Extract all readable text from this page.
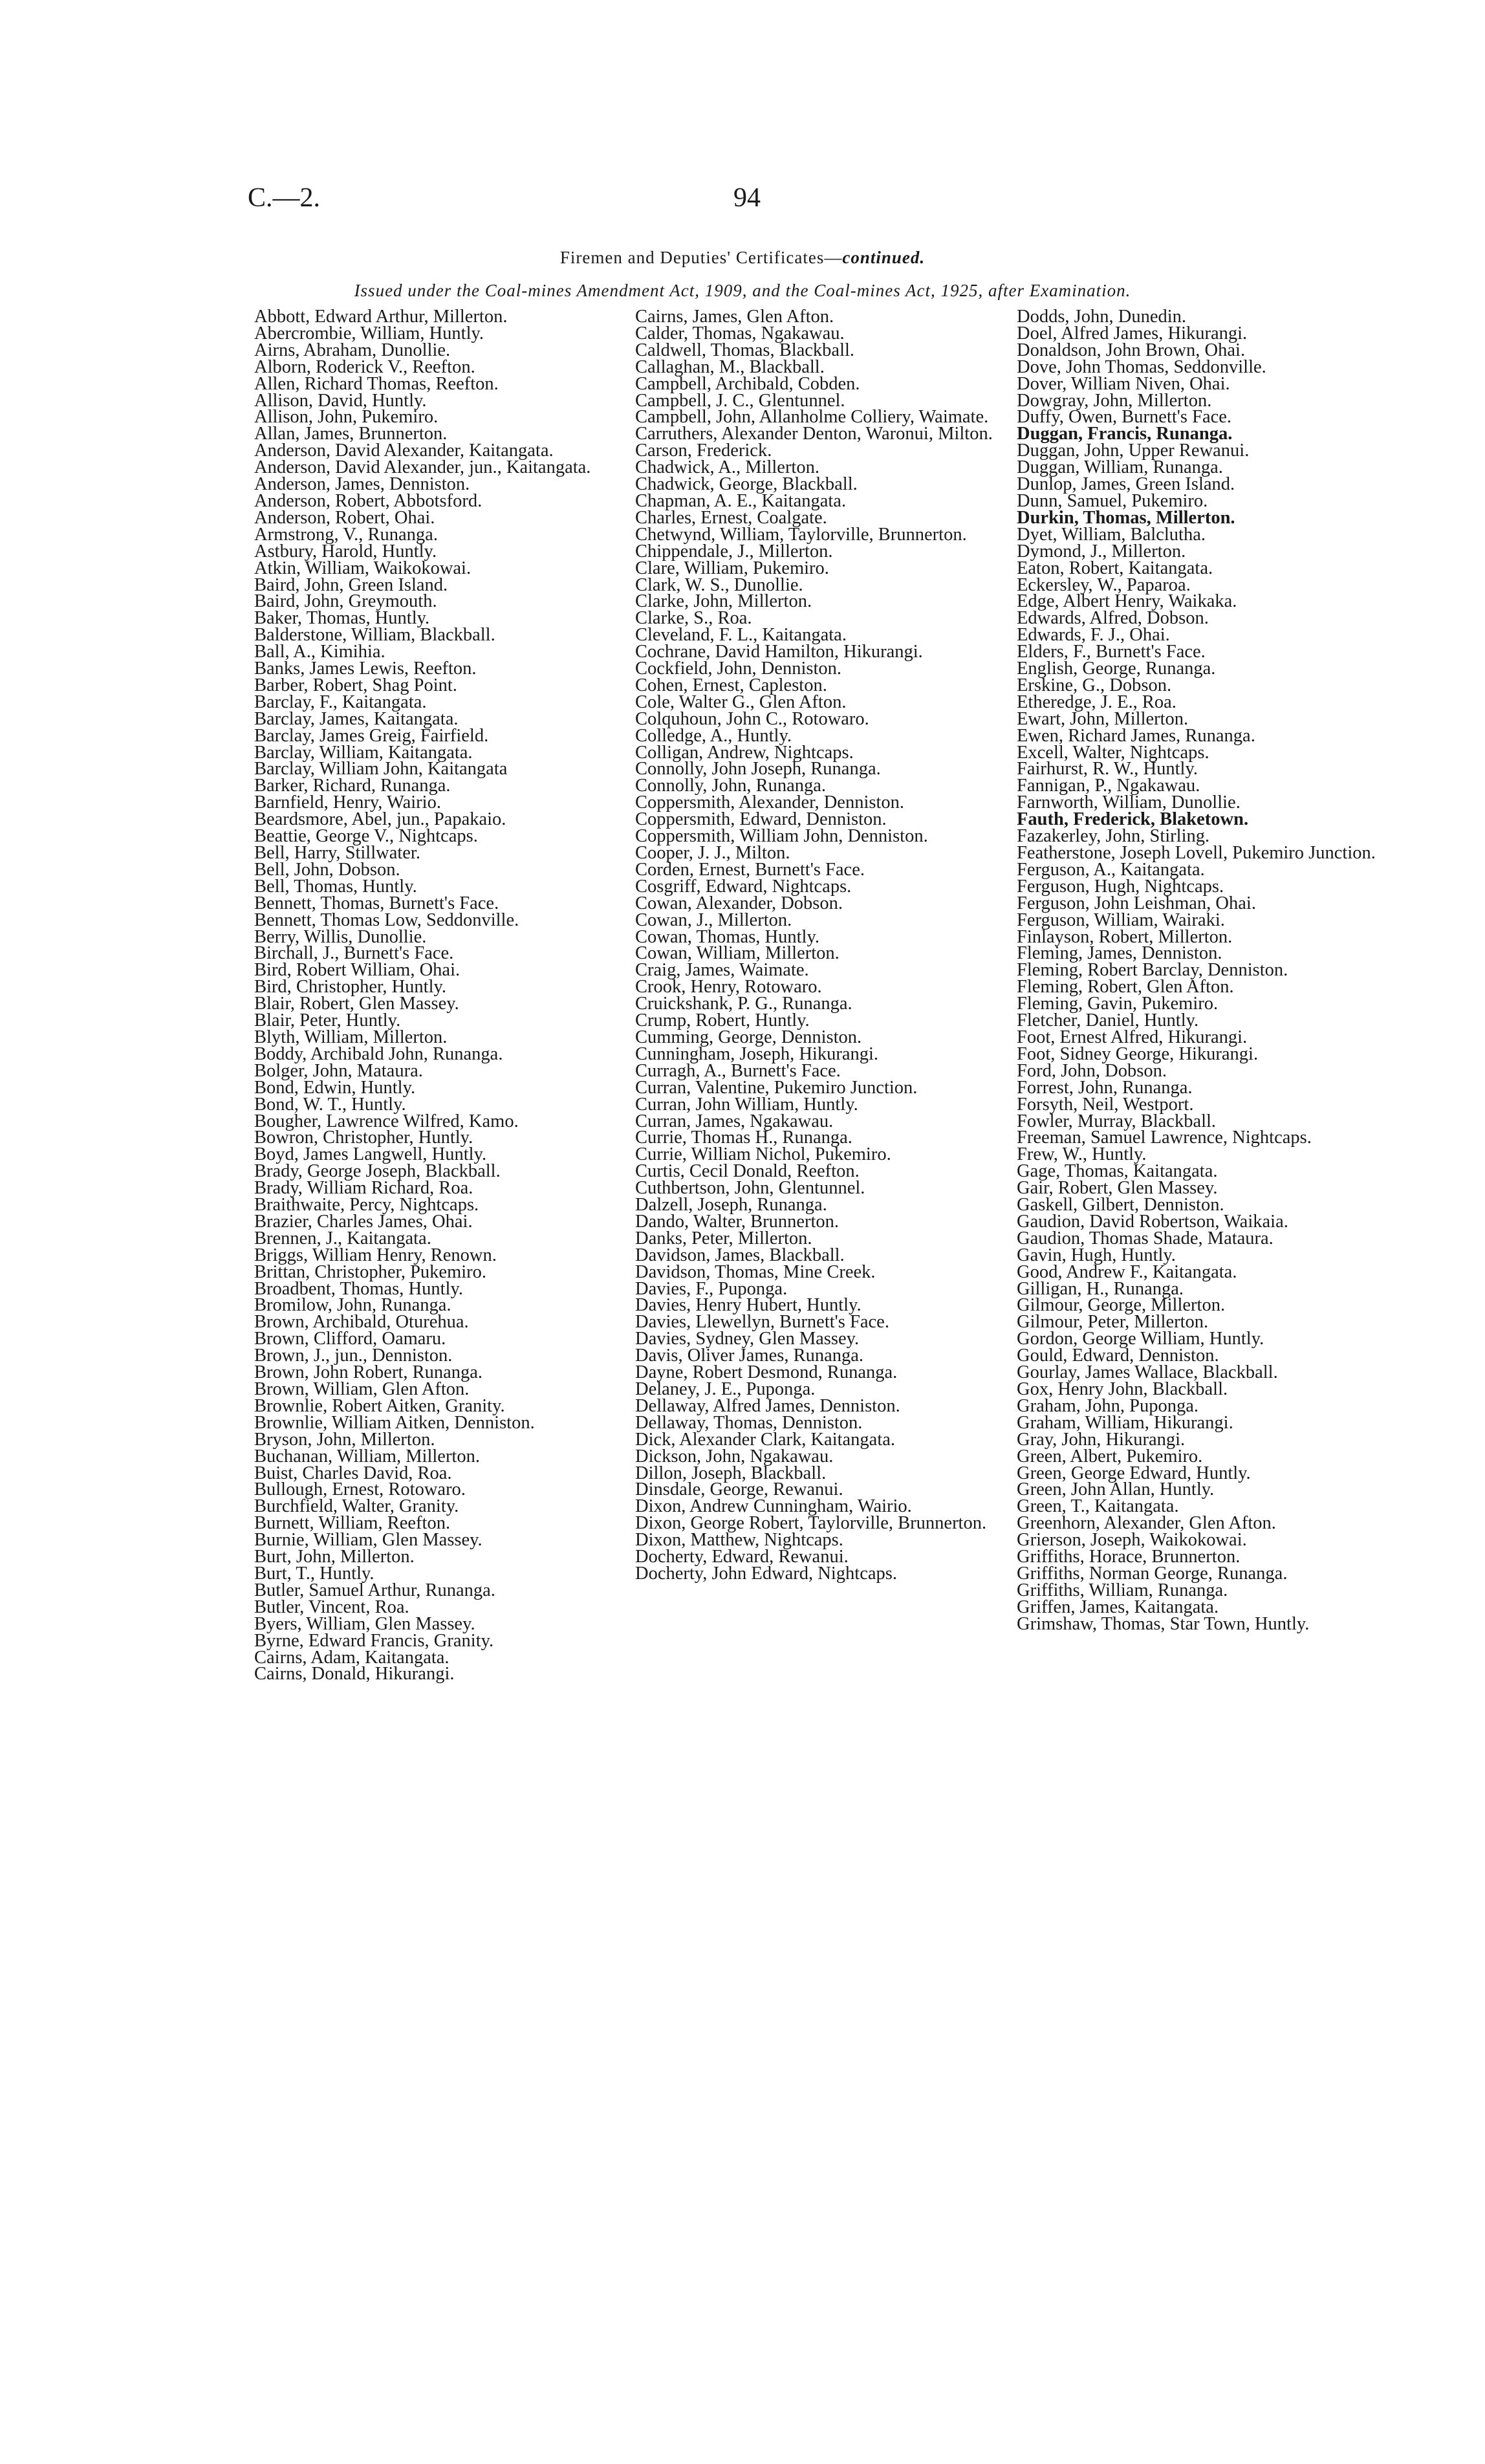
C.—2.	94
Firemen and Deputies' Certificates—continued.
Issued under the Coal-mines Amendment Act, 1909, and the Coal-mines Act, 1925, after Examination.

Abbott, Edward Arthur, Millerton.

Abercrombie, William, Huntly.

Airns, Abraham, Dunollie.

Alborn, Roderick V., Reefton.

Allen, Richard Thomas, Reefton.

Allison, David, Huntly.

Allison, John, Pukemiro.

Allan, James, Brunnerton.

Anderson, David Alexander, Kaitangata.

Anderson, David Alexander, jun., Kaitangata.

Anderson, James, Denniston.

Anderson, Robert, Abbotsford.

Anderson, Robert, Ohai.

Armstrong, V., Runanga.

Astbury, Harold, Huntly.

Atkin, William, Waikokowai.

Baird, John, Green Island.

Baird, John, Greymouth.

Baker, Thomas, Huntly.

Balderstone, William, Blackball.

Ball, A., Kimihia.

Banks, James Lewis, Reefton.

Barber, Robert, Shag Point.

Barclay, F., Kaitangata.

Barclay, James, Kaitangata.

Barclay, James Greig, Fairfield.

Barclay, William, Kaitangata.

Barclay, William John, Kaitangata

Barker, Richard, Runanga.

Barnfield, Henry, Wairio.

Beardsmore, Abel, jun., Papakaio.

Beattie, George V., Nightcaps.

Bell, Harry, Stillwater.

Bell, John, Dobson.

Bell, Thomas, Huntly.

Bennett, Thomas, Burnett's Face.

Bennett, Thomas Low, Seddonville.

Berry, Willis, Dunollie.

Birchall, J., Burnett's Face.

Bird, Robert William, Ohai.

Bird, Christopher, Huntly.

Blair, Robert, Glen Massey.

Blair, Peter, Huntly.

Blyth, William, Millerton.

Boddy, Archibald John, Runanga.

Bolger, John, Mataura.

Bond, Edwin, Huntly.

Bond, W. T., Huntly.

Bougher, Lawrence Wilfred, Kamo.

Bowron, Christopher, Huntly.

Boyd, James Langwell, Huntly.

Brady, George Joseph, Blackball.

Brady, William Richard, Roa.

Braithwaite, Percy, Nightcaps.

Brazier, Charles James, Ohai.

Brennen, J., Kaitangata.

Briggs, William Henry, Renown.

Brittan, Christopher, Pukemiro.

Broadbent, Thomas, Huntly.

Bromilow, John, Runanga.

Brown, Archibald, Oturehua.

Brown, Clifford, Oamaru.

Brown, J., jun., Denniston.

Brown, John Robert, Runanga.

Brown, William, Glen Afton.

Brownlie, Robert Aitken, Granity.

Brownlie, William Aitken, Denniston.

Bryson, John, Millerton.

Buchanan, William, Millerton.

Buist, Charles David, Roa.

Bullough, Ernest, Rotowaro.

Burchfield, Walter, Granity.

Burnett, William, Reefton.

Burnie, William, Glen Massey.

Burt, John, Millerton.

Burt, T., Huntly.

Butler, Samuel Arthur, Runanga.

Butler, Vincent, Roa.

Byers, William, Glen Massey.

Byrne, Edward Francis, Granity.

Cairns, Adam, Kaitangata.

Cairns, Donald, Hikurangi.

Cairns, James, Glen Afton.

Calder, Thomas, Ngakawau.

Caldwell, Thomas, Blackball.

Callaghan, M., Blackball.

Campbell, Archibald, Cobden.

Campbell, J. C., Glentunnel.

Campbell, John, Allanholme Colliery, Waimate.

Carruthers, Alexander Denton, Waronui, Milton.

Carson, Frederick.

Chadwick, A., Millerton.

Chadwick, George, Blackball.

Chapman, A. E., Kaitangata.

Charles, Ernest, Coalgate.

Chetwynd, William, Taylorville, Brunnerton.

Chippendale, J., Millerton.

Clare, William, Pukemiro.

Clark, W. S., Dunollie.

Clarke, John, Millerton.

Clarke, S., Roa.

Cleveland, F. L., Kaitangata.

Cochrane, David Hamilton, Hikurangi.

Cockfield, John, Denniston.

Cohen, Ernest, Capleston.

Cole, Walter G., Glen Afton.

Colquhoun, John C., Rotowaro.

Colledge, A., Huntly.

Colligan, Andrew, Nightcaps.

Connolly, John Joseph, Runanga.

Connolly, John, Runanga.

Coppersmith, Alexander, Denniston.

Coppersmith, Edward, Denniston.

Coppersmith, William John, Denniston.

Cooper, J. J., Milton.

Corden, Ernest, Burnett's Face.

Cosgriff, Edward, Nightcaps.

Cowan, Alexander, Dobson.

Cowan, J., Millerton.

Cowan, Thomas, Huntly.

Cowan, William, Millerton.

Craig, James, Waimate.

Crook, Henry, Rotowaro.

Cruickshank, P. G., Runanga.

Crump, Robert, Huntly.

Cumming, George, Denniston.

Cunningham, Joseph, Hikurangi.

Curragh, A., Burnett's Face.

Curran, Valentine, Pukemiro Junction.

Curran, John William, Huntly.

Curran, James, Ngakawau.

Currie, Thomas H., Runanga.

Currie, William Nichol, Pukemiro.

Curtis, Cecil Donald, Reefton.

Cuthbertson, John, Glentunnel.

Dalzell, Joseph, Runanga.

Dando, Walter, Brunnerton.

Danks, Peter, Millerton.

Davidson, James, Blackball.

Davidson, Thomas, Mine Creek.

Davies, F., Puponga.

Davies, Henry Hubert, Huntly.

Davies, Llewellyn, Burnett's Face.

Davies, Sydney, Glen Massey.

Davis, Oliver James, Runanga.

Dayne, Robert Desmond, Runanga.

Delaney, J. E., Puponga.

Dellaway, Alfred James, Denniston.

Dellaway, Thomas, Denniston.

Dick, Alexander Clark, Kaitangata.

Dickson, John, Ngakawau.

Dillon, Joseph, Blackball.

Dinsdale, George, Rewanui.

Dixon, Andrew Cunningham, Wairio.

Dixon, George Robert, Taylorville, Brunnerton.

Dixon, Matthew, Nightcaps.

Docherty, Edward, Rewanui.

Docherty, John Edward, Nightcaps.

Dodds, John, Dunedin.

Doel, Alfred James, Hikurangi.

Donaldson, John Brown, Ohai.

Dove, John Thomas, Seddonville.

Dover, William Niven, Ohai.

Dowgray, John, Millerton.

Duffy, Owen, Burnett's Face.

Duggan, Francis, Runanga.

Duggan, John, Upper Rewanui.

Duggan, William, Runanga.

Dunlop, James, Green Island.

Dunn, Samuel, Pukemiro.

Durkin, Thomas, Millerton.

Dyet, William, Balclutha.

Dymond, J., Millerton.

Eaton, Robert, Kaitangata.

Eckersley, W., Paparoa.

Edge, Albert Henry, Waikaka.

Edwards, Alfred, Dobson.

Edwards, F. J., Ohai.

Elders, F., Burnett's Face.

English, George, Runanga.

Erskine, G., Dobson.

Etheredge, J. E., Roa.

Ewart, John, Millerton.

Ewen, Richard James, Runanga.

Excell, Walter, Nightcaps.

Fairhurst, R. W., Huntly.

Fannigan, P., Ngakawau.

Farnworth, William, Dunollie.

Fauth, Frederick, Blaketown.

Fazakerley, John, Stirling.

Featherstone, Joseph Lovell, Pukemiro Junction.

Ferguson, A., Kaitangata.

Ferguson, Hugh, Nightcaps.

Ferguson, John Leishman, Ohai.

Ferguson, William, Wairaki.

Finlayson, Robert, Millerton.

Fleming, James, Denniston.

Fleming, Robert Barclay, Denniston.

Fleming, Robert, Glen Afton.

Fleming, Gavin, Pukemiro.

Fletcher, Daniel, Huntly.

Foot, Ernest Alfred, Hikurangi.

Foot, Sidney George, Hikurangi.

Ford, John, Dobson.

Forrest, John, Runanga.

Forsyth, Neil, Westport.

Fowler, Murray, Blackball.

Freeman, Samuel Lawrence, Nightcaps.

Frew, W., Huntly.

Gage, Thomas, Kaitangata.

Gair, Robert, Glen Massey.

Gaskell, Gilbert, Denniston.

Gaudion, David Robertson, Waikaia.

Gaudion, Thomas Shade, Mataura.

Gavin, Hugh, Huntly.

Good, Andrew F., Kaitangata.

Gilligan, H., Runanga.

Gilmour, George, Millerton.

Gilmour, Peter, Millerton.

Gordon, George William, Huntly.

Gould, Edward, Denniston.

Gourlay, James Wallace, Blackball.

Gox, Henry John, Blackball.

Graham, John, Puponga.

Graham, William, Hikurangi.

Gray, John, Hikurangi.

Green, Albert, Pukemiro.

Green, George Edward, Huntly.

Green, John Allan, Huntly.

Green, T., Kaitangata.

Greenhorn, Alexander, Glen Afton.

Grierson, Joseph, Waikokowai.

Griffiths, Horace, Brunnerton.

Griffiths, Norman George, Runanga.

Griffiths, William, Runanga.

Griffen, James, Kaitangata.

Grimshaw, Thomas, Star Town, Huntly.
